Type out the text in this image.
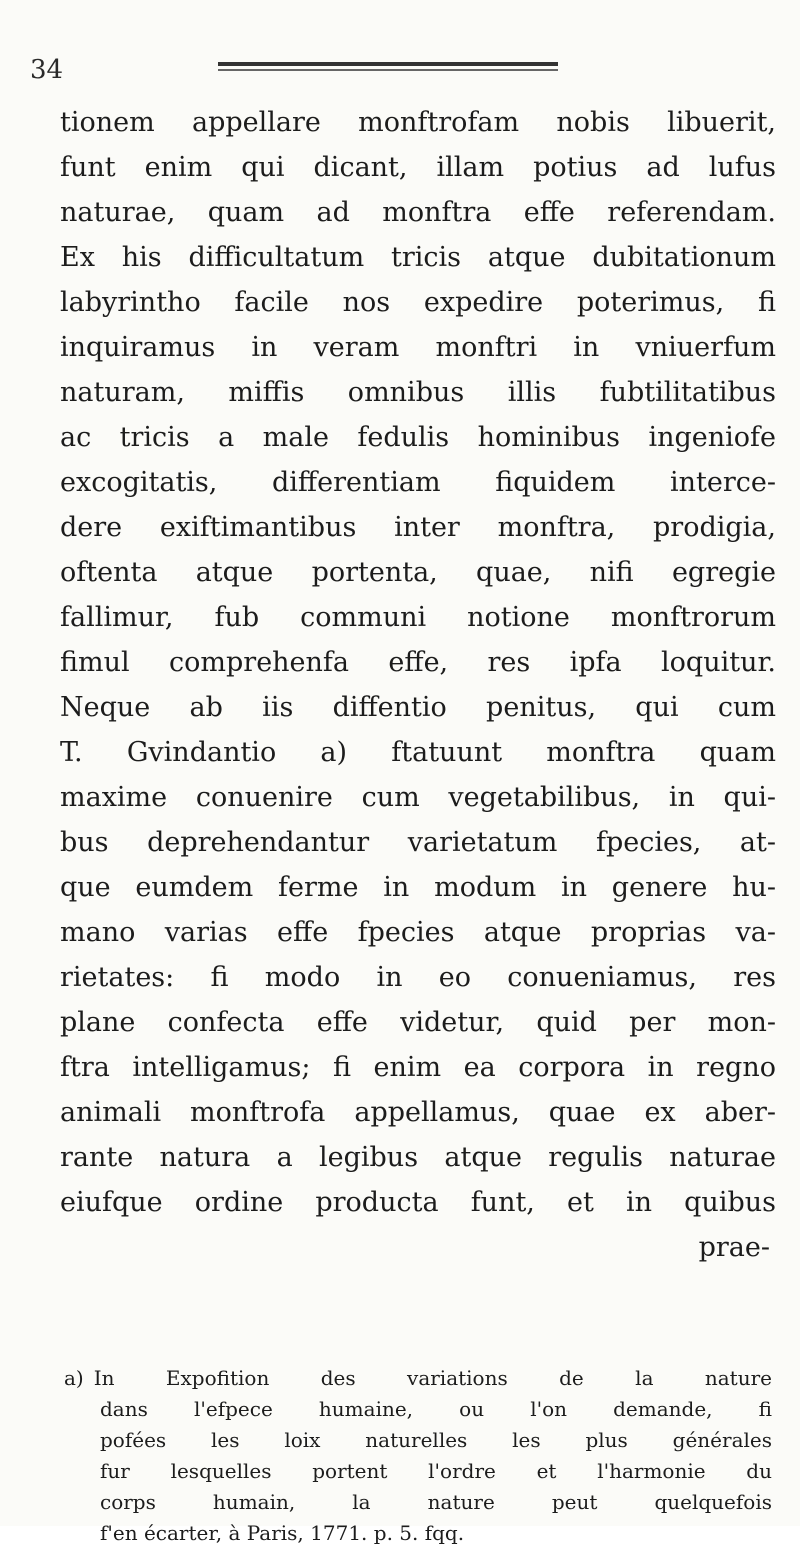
34
tionem appellare monftrofam nobis libuerit,
funt enim qui dicant, illam potius ad lufus
naturae, quam ad monftra effe referendam.
Ex his difficultatum tricis atque dubitationum
labyrintho facile nos expedire poterimus, fi
inquiramus in veram monftri in vniuerfum
naturam, miffis omnibus illis fubtilitatibus
ac tricis a male fedulis hominibus ingeniofe
excogitatis, differentiam fiquidem interce-
dere exiftimantibus inter monftra, prodigia,
oftenta atque portenta, quae, nifi egregie
fallimur, fub communi notione monftrorum
fimul comprehenfa effe, res ipfa loquitur.
Neque ab iis diffentio penitus, qui cum
T. Gvindantio a) ftatuunt monftra quam
maxime conuenire cum vegetabilibus, in qui-
bus deprehendantur varietatum fpecies, at-
que eumdem ferme in modum in genere hu-
mano varias effe fpecies atque proprias va-
rietates: fi modo in eo conueniamus, res
plane confecta effe videtur, quid per mon-
ftra intelligamus; fi enim ea corpora in regno
animali monftrofa appellamus, quae ex aber-
rante natura a legibus atque regulis naturae
eiufque ordine producta funt, et in quibus
prae-
a) In Expofition des variations de la nature
dans l'efpece humaine, ou l'on demande, fi
pofées les loix naturelles les plus générales
fur lesquelles portent l'ordre et l'harmonie du
corps humain, la nature peut quelquefois
f'en écarter, à Paris, 1771. p. 5. fqq.
